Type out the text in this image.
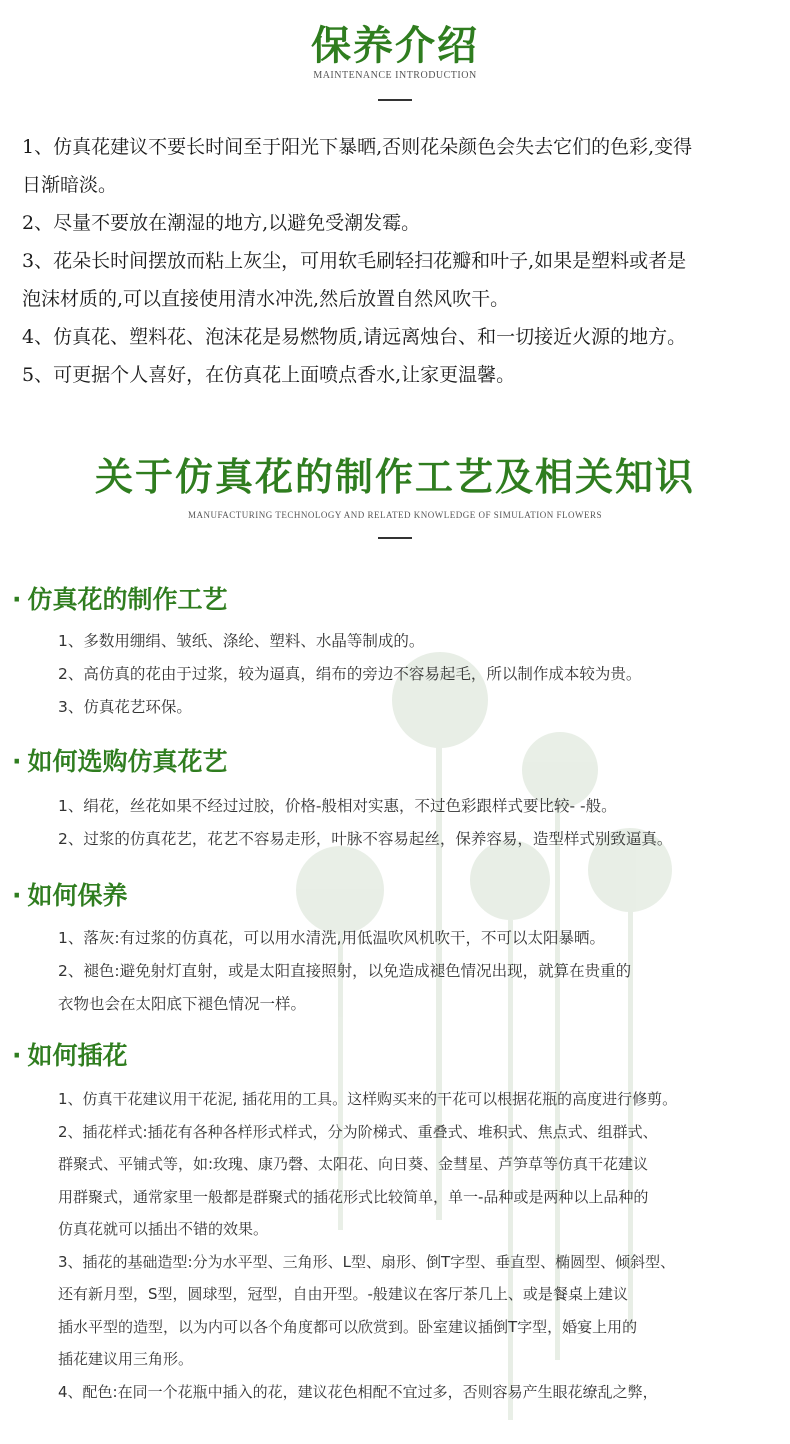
保养介绍
MAINTENANCE INTRODUCTION

1、仿真花建议不要长时间至于阳光下暴晒,否则花朵颜色会失去它们的色彩,变得

日渐暗淡。

2、尽量不要放在潮湿的地方,以避免受潮发霉。

3、花朵长时间摆放而粘上灰尘，可用软毛刷轻扫花瓣和叶子,如果是塑料或者是

泡沫材质的,可以直接使用清水冲洗,然后放置自然风吹干。

4、仿真花、塑料花、泡沫花是易燃物质,请远离烛台、和一切接近火源的地方。

5、可更据个人喜好，在仿真花上面喷点香水,让家更温馨。

关于仿真花的制作工艺及相关知识
MANUFACTURING TECHNOLOGY AND RELATED KNOWLEDGE OF SIMULATION FLOWERS
· 仿真花的制作工艺

1、多数用绷绢、皱纸、涤纶、塑料、水晶等制成的。

2、高仿真的花由于过浆，较为逼真，绢布的旁边不容易起毛，所以制作成本较为贵。

3、仿真花艺环保。

· 如何选购仿真花艺

1、绢花，丝花如果不经过过胶，价格-般相对实惠，不过色彩跟样式要比较- -般。

2、过浆的仿真花艺，花艺不容易走形，叶脉不容易起丝，保养容易，造型样式别致逼真。

· 如何保养

1、落灰:有过浆的仿真花，可以用水清洗,用低温吹风机吹干，不可以太阳暴晒。

2、褪色:避免射灯直射，或是太阳直接照射，以免造成褪色情况出现，就算在贵重的

衣物也会在太阳底下褪色情况一样。

· 如何插花

1、仿真干花建议用干花泥, 插花用的工具。这样购买来的干花可以根据花瓶的高度进行修剪。

2、插花样式:插花有各种各样形式样式，分为阶梯式、重叠式、堆积式、焦点式、组群式、

群聚式、平铺式等，如:玫瑰、康乃磬、太阳花、向日葵、金彗星、芦笋草等仿真干花建议

用群聚式，通常家里一般都是群聚式的插花形式比较简单，单一-品种或是两种以上品种的

仿真花就可以插出不错的效果。

3、插花的基础造型:分为水平型、三角形、L型、扇形、倒T字型、垂直型、椭圆型、倾斜型、

还有新月型，S型，圆球型，冠型，自由开型。-般建议在客厅茶几上、或是餐桌上建议

插水平型的造型，以为内可以各个角度都可以欣赏到。卧室建议插倒T字型，婚宴上用的

插花建议用三角形。

4、配色:在同一个花瓶中插入的花，建议花色相配不宜过多，否则容易产生眼花缭乱之弊，
